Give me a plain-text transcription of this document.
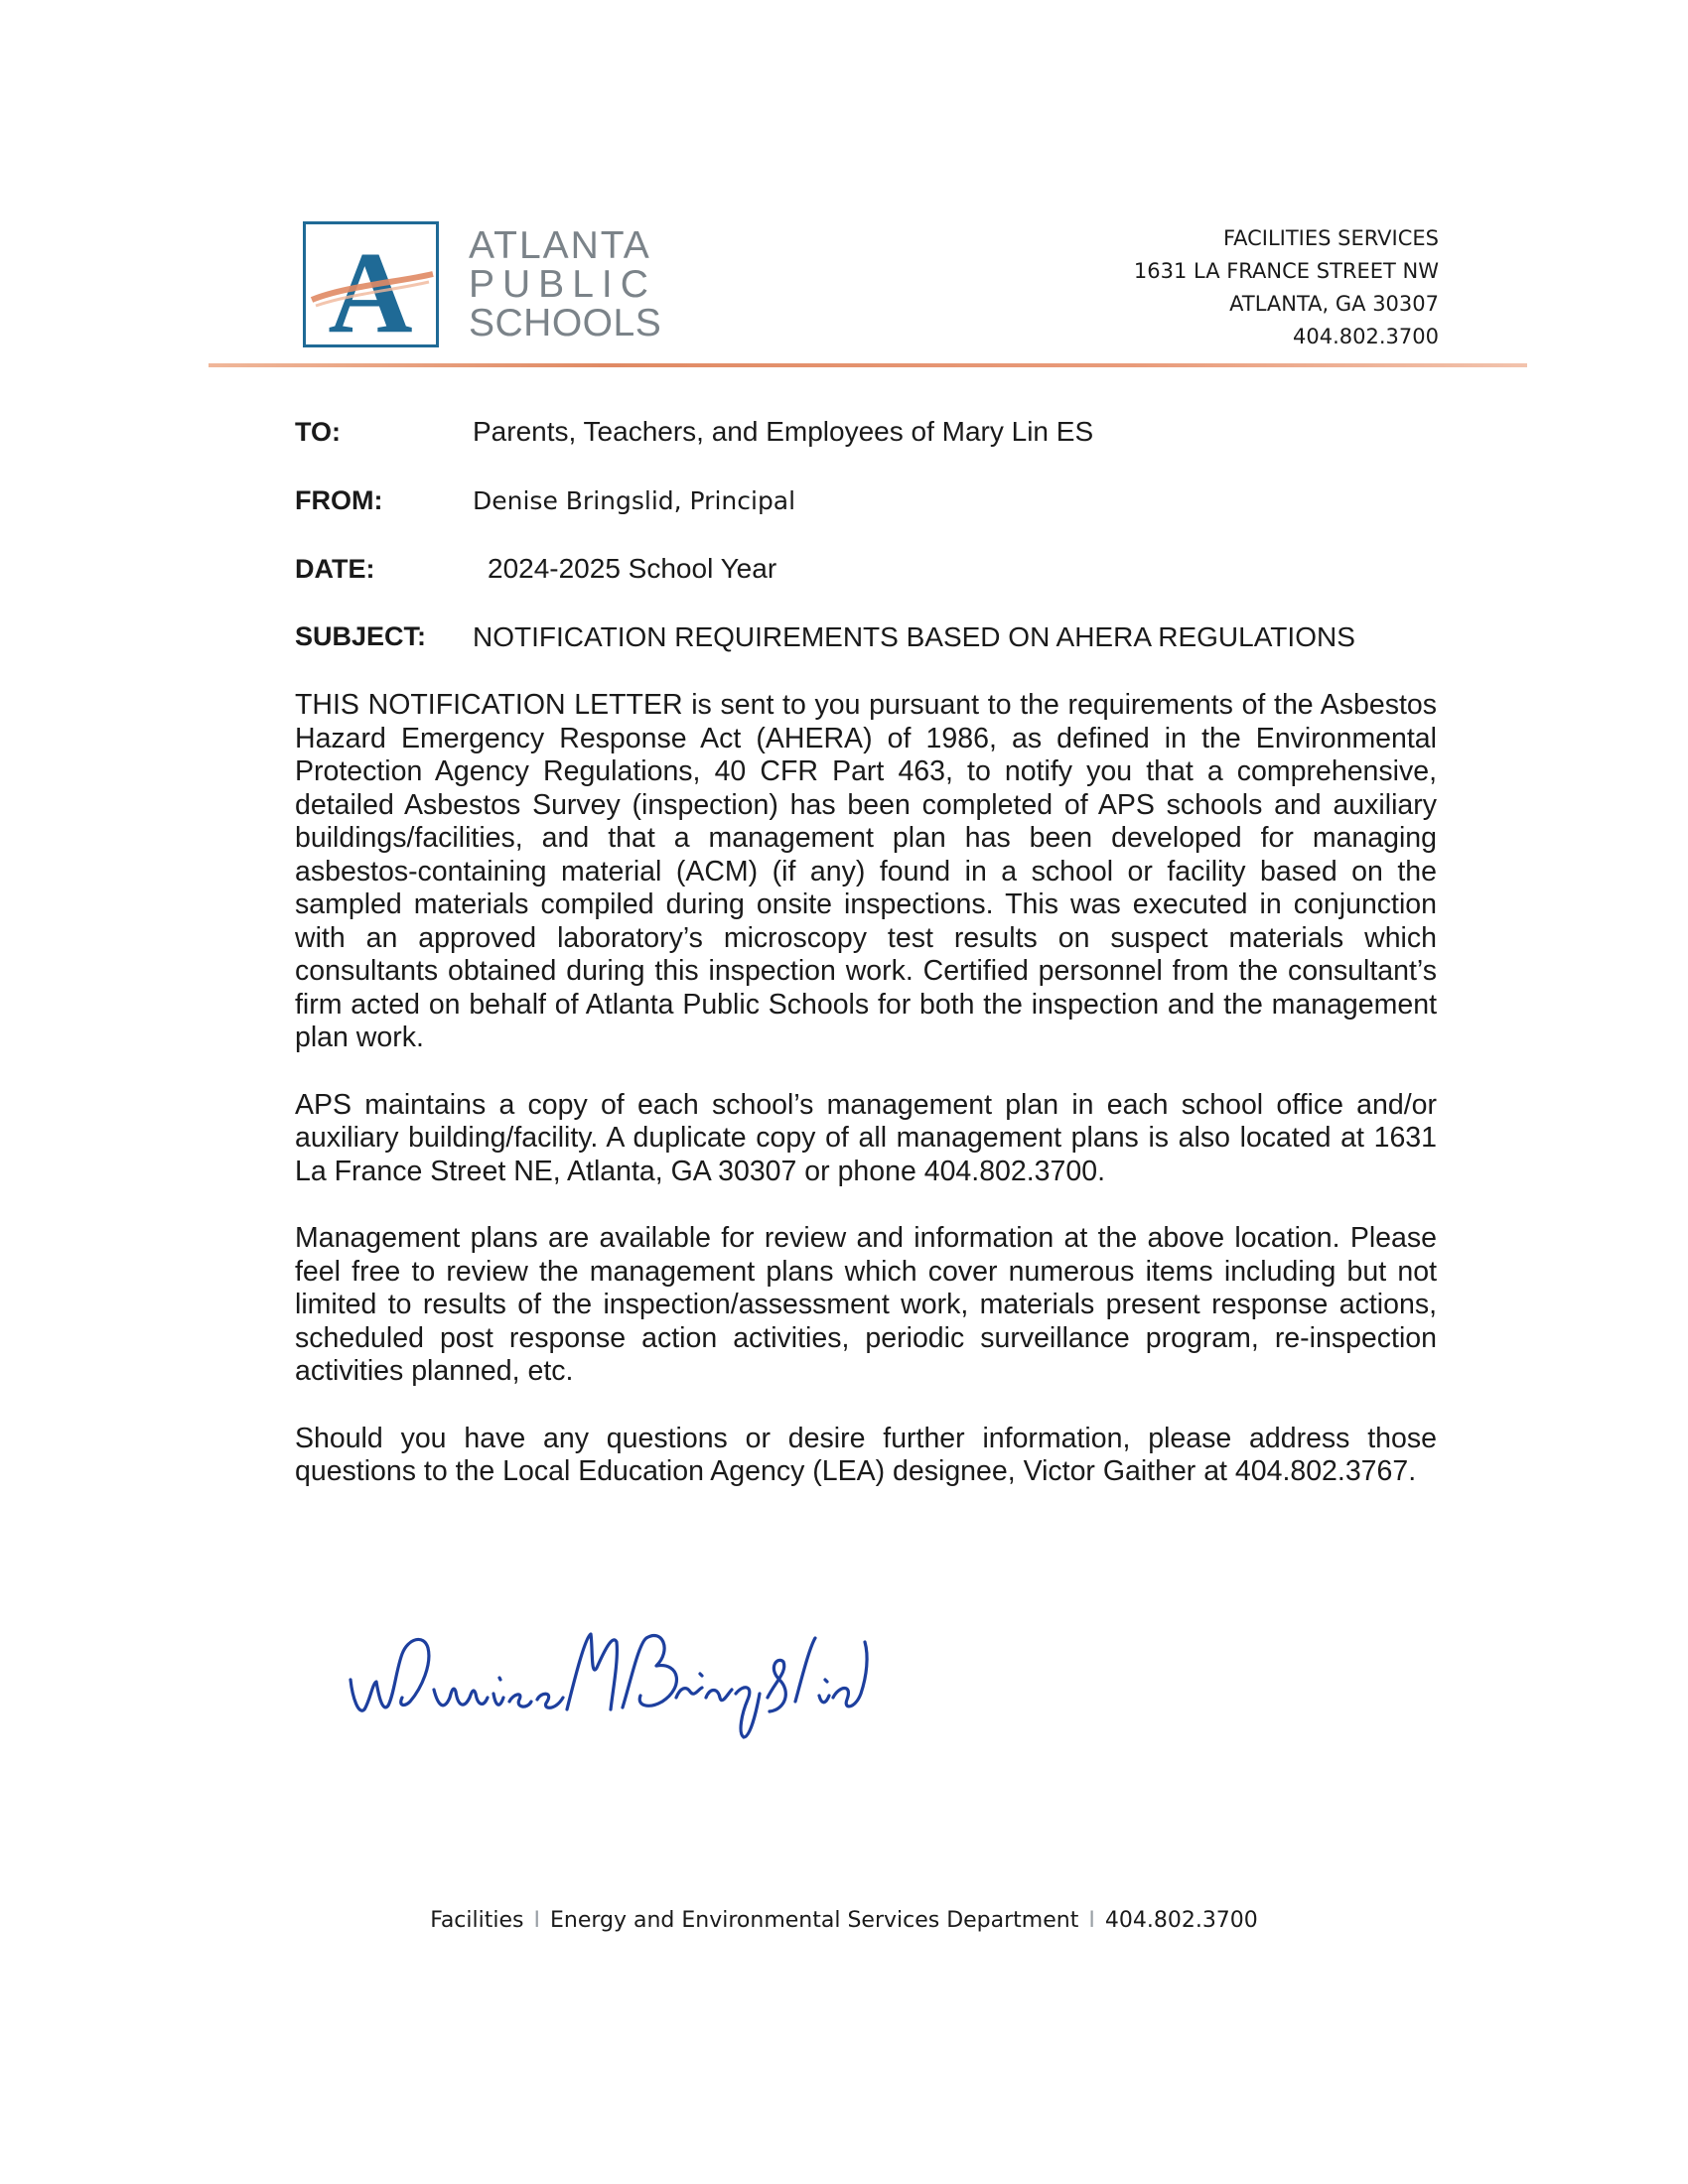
A ATLANTA
PUBLIC
SCHOOLS
FACILITIES SERVICES
1631 LA FRANCE STREET NW
ATLANTA, GA 30307
404.802.3700
TO:	Parents, Teachers, and Employees of Mary Lin ES
FROM:	Denise Bringslid, Principal
DATE:	2024-2025 School Year
SUBJECT: NOTIFICATION REQUIREMENTS BASED ON AHERA REGULATIONS

THIS NOTIFICATION LETTER is sent to you pursuant to the requirements of the Asbestos Hazard Emergency Response Act (AHERA) of 1986, as defined in the Environmental Protection Agency Regulations, 40 CFR Part 463, to notify you that a comprehensive, detailed Asbestos Survey (inspection) has been completed of APS schools and auxiliary buildings/facilities, and that a management plan has been developed for managing asbestos-containing material (ACM) (if any) found in a school or facility based on the sampled materials compiled during onsite inspections. This was executed in conjunction with an approved laboratory’s microscopy test results on suspect materials which consultants obtained during this inspection work. Certified personnel from the consultant’s firm acted on behalf of Atlanta Public Schools for both the inspection and the management plan work.

APS maintains a copy of each school’s management plan in each school office and/or auxiliary building/facility. A duplicate copy of all management plans is also located at 1631 La France Street NE, Atlanta, GA 30307 or phone 404.802.3700.

Management plans are available for review and information at the above location. Please feel free to review the management plans which cover numerous items including but not limited to results of the inspection/assessment work, materials present response actions, scheduled post response action activities, periodic surveillance program, re-inspection activities planned, etc.

Should you have any questions or desire further information, please address those questions to the Local Education Agency (LEA) designee, Victor Gaither at 404.802.3767.

Facilities I Energy and Environmental Services Department I 404.802.3700
